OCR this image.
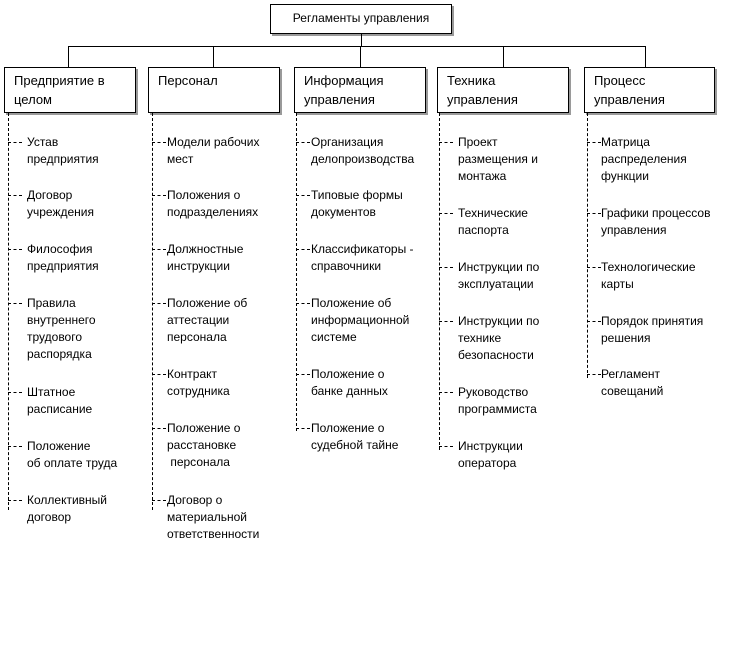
Регламенты управления
Предприятие в
целом
Персонал	Информация
управления
Техника
управления
Процесс
управления
Устав
предприятия
Договор
учреждения
Философия
предприятия
Правила
внутреннего
трудового
распорядка
Штатное
расписание
Положение
об оплате труда
Коллективный
договор
Модели рабочих
мест
Положения о
подразделениях
Должностные
инструкции
Положение об
аттестации
персонала
Контракт
сотрудника
Положение о
расстановке
персонала
Договор о
материальной
ответственности
Организация
делопроизводства
Типовые формы
документов
Классификаторы -
справочники
Положение об
информационной
системе
Положение о
банке данных
Положение о
судебной тайне
Проект
размещения и
монтажа
Технические
паспорта
Инструкции по
эксплуатации
Инструкции по
технике
безопасности
Руководство
программиста
Инструкции
оператора
Матрица
распределения
функции
Графики процессов
управления
Технологические
карты
Порядок принятия
решения
Регламент
совещаний
